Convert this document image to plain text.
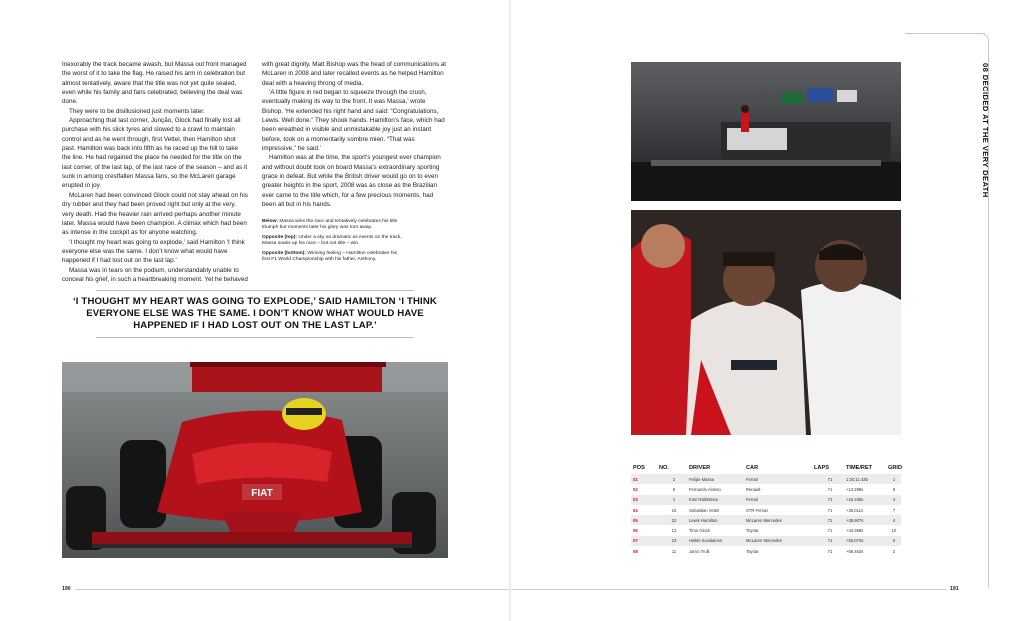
Inexorably the track became awash, but Massa out front managed the worst of it to take the flag. He raised his arm in celebration but almost tentatively, aware that the title was not yet quite sealed, even while his family and fans celebrated, believing the deal was done.

They were to be disillusioned just moments later.

Approaching that last corner, Junção, Glock had finally lost all purchase with his slick tyres and slowed to a crawl to maintain control and as he went through, first Vettel, then Hamilton shot past. Hamilton was back into fifth as he raced up the hill to take the line. He had regained the place he needed for the title on the last corner, of the last lap, of the last race of the season – and as it sunk in among crestfallen Massa fans, so the McLaren garage erupted in joy.

McLaren had been convinced Glock could not stay ahead on his dry rubber and they had been proved right but only at the very, very death. Had the heavier rain arrived perhaps another minute later, Massa would have been champion. A climax which had been as intense in the cockpit as for anyone watching.

‘I thought my heart was going to explode,’ said Hamilton ‘I think everyone else was the same. I don’t know what would have happened if I had lost out on the last lap.’

Massa was in tears on the podium, understandably unable to conceal his grief, in such a heartbreaking moment. Yet he behaved

with great dignity. Matt Bishop was the head of communications at McLaren in 2008 and later recalled events as he helped Hamilton deal with a heaving throng of media.

‘A little figure in red began to squeeze through the crush, eventually making its way to the front. It was Massa,’ wrote Bishop. ‘He extended his right hand and said: “Congratulations, Lewis. Well done.” They shook hands. Hamilton’s face, which had been wreathed in visible and unmistakable joy just an instant before, took on a momentarily sombre mien. “That was impressive,” he said.’

Hamilton was at the time, the sport’s youngest ever champion and without doubt took on board Massa’s extraordinary sporting grace in defeat. But while the British driver would go on to even greater heights in the sport, 2008 was as close as the Brazilian ever came to the title which, for a few precious moments, had been all but in his hands.

Below: Massa wins the race and tentatively celebrates his title triumph but moments later his glory was torn away.
Opposite (top): Under a sky as dramatic as events on the track, Massa soaks up his race – but not title – win.
Opposite (bottom): Winning feeling – Hamilton celebrates his first F1 World Championship with his father, Anthony.
‘I THOUGHT MY HEART WAS GOING TO EXPLODE,’ SAID HAMILTON ‘I THINK EVERYONE ELSE WAS THE SAME. I DON’T KNOW WHAT WOULD HAVE HAPPENED IF I HAD LOST OUT ON THE LAST LAP.’
FIAT
08 DECIDED AT THE VERY DEATH
POS	NO.	DRIVER	CAR	LAPS	TIME/RET	GRID
01	2	Felipe Massa	Ferrari	71	1:34:11.435	1
02	5	Fernando Alonso	Renault	71	+13.298s	6
03	1	Kimi Räikkönen	Ferrari	71	+16.235s	3
04	15	Sebastian Vettel	STR Ferrari	71	+38.011s	7
05	22	Lewis Hamilton	McLaren Mercedes	71	+38.907s	4
06	12	Timo Glock	Toyota	71	+44.368s	10
07	23	Heikki Kovalainen	McLaren Mercedes	71	+55.074s	5
08	11	Jarno Trulli	Toyota	71	+68.463s	2
190	191
